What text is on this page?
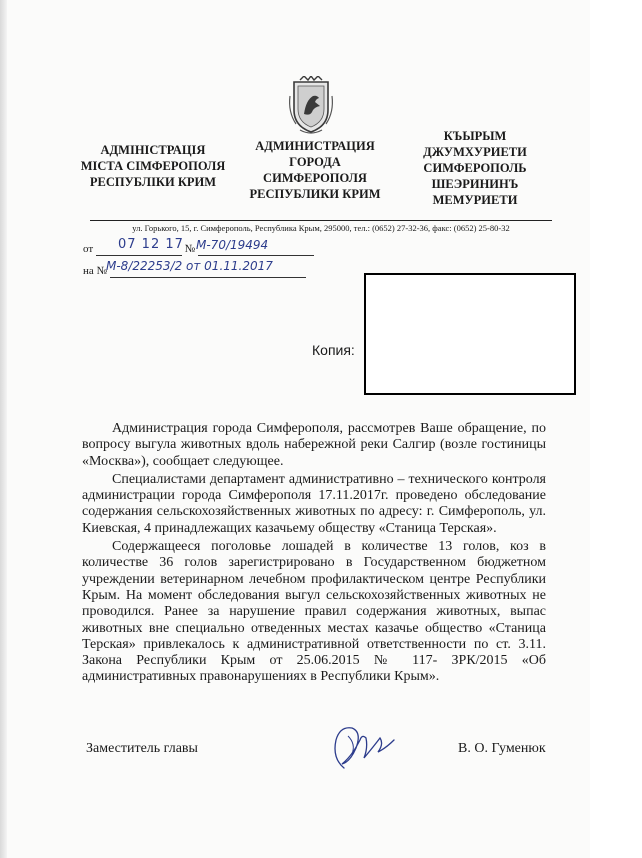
АДМІНІСТРАЦІЯ
МІСТА СІМФЕРОПОЛЯ
РЕСПУБЛІКИ КРИМ
АДМИНИСТРАЦИЯ
ГОРОДА
СИМФЕРОПОЛЯ
РЕСПУБЛИКИ КРИМ
КЪЫРЫМ
ДЖУМХУРИЕТИ
СИМФЕРОПОЛЬ
ШЕЭРИНИНЪ
МЕМУРИЕТИ
ул. Горького, 15, г. Симферополь, Республика Крым, 295000, тел.: (0652) 27-32-36, факс: (0652) 25-80-32
от	№
на №
07 12 17 М-70/19494
М-8/22253/2 от 01.11.2017
Копия:

Администрация города Симферополя, рассмотрев Ваше обращение, по вопросу выгула животных вдоль набережной реки Салгир (возле гостиницы «Москва»), сообщает следующее.

Специалистами департамент административно – технического контроля администрации города Симферополя 17.11.2017г. проведено обследование содержания сельскохозяйственных животных по адресу: г. Симферополь, ул. Киевская, 4 принадлежащих казачьему обществу «Станица Терская».

Содержащееся поголовье лошадей в количестве 13 голов, коз в количестве 36 голов зарегистрировано в Государственном бюджетном учреждении ветеринарном лечебном профилактическом центре Республики Крым. На момент обследования выгул сельскохозяйственных животных не проводился. Ранее за нарушение правил содержания животных, выпас животных вне специально отведенных местах казачье общество «Станица Терская» привлекалось к административной ответственности по ст. 3.11. Закона Республики Крым от 25.06.2015 № 117- ЗРК/2015 «Об административных правонарушениях в Республики Крым».

Заместитель главы	В. О. Гуменюк
